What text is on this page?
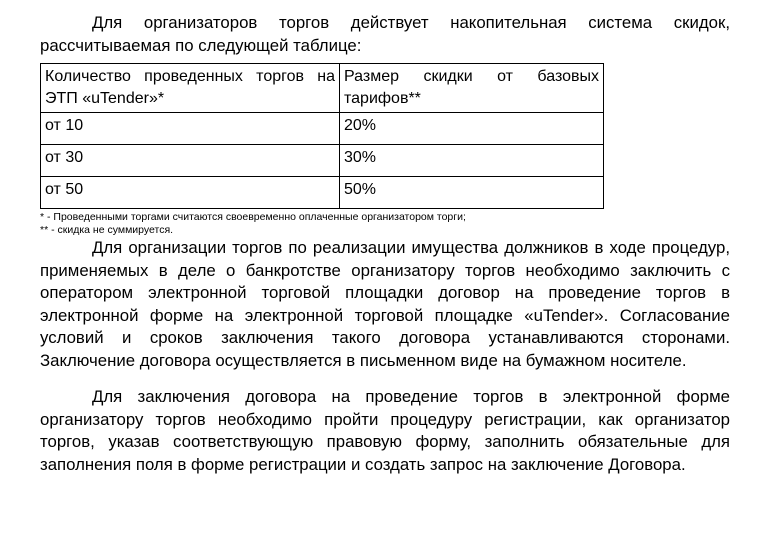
Для организаторов торгов действует накопительная система скидок, рассчитываемая по следующей таблице:

Количество проведенных торгов на ЭТП «uTender»*	Размер скидки от базовых тарифов**
от 10	20%
от 30	30%
от 50	50%
* - Проведенными торгами считаются своевременно оплаченные организатором торги;
** - скидка не суммируется.

Для организации торгов по реализации имущества должников в ходе процедур, применяемых в деле о банкротстве организатору торгов необходимо заключить с оператором электронной торговой площадки договор на проведение торгов в электронной форме на электронной торговой площадке «uTender». Согласование условий и сроков заключения такого договора устанавливаются сторонами. Заключение договора осуществляется в письменном виде на бумажном носителе.

Для заключения договора на проведение торгов в электронной форме организатору торгов необходимо пройти процедуру регистрации, как организатор торгов, указав соответствующую правовую форму, заполнить обязательные для заполнения поля в форме регистрации и создать запрос на заключение Договора.
